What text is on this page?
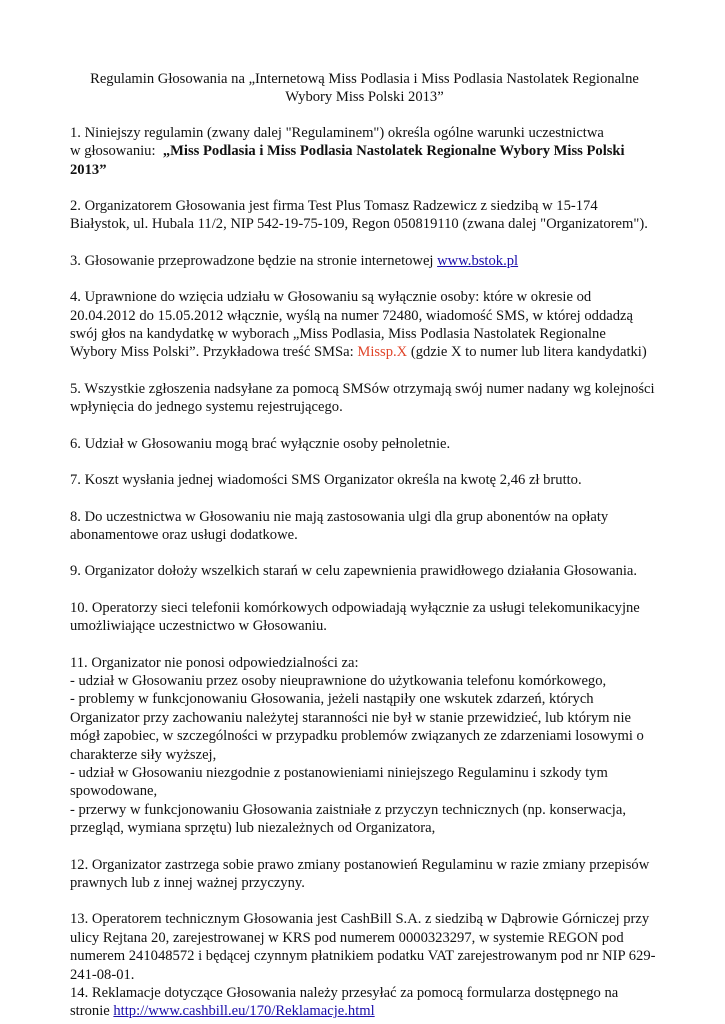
Regulamin Głosowania na „Internetową Miss Podlasia i Miss Podlasia Nastolatek Regionalne
Wybory Miss Polski 2013”

1. Niniejszy regulamin (zwany dalej "Regulaminem") określa ogólne warunki uczestnictwa
w głosowaniu:  „Miss Podlasia i Miss Podlasia Nastolatek Regionalne Wybory Miss Polski
2013”

2. Organizatorem Głosowania jest firma Test Plus Tomasz Radzewicz z siedzibą w 15-174
Białystok, ul. Hubala 11/2, NIP 542-19-75-109, Regon 050819110 (zwana dalej "Organizatorem").

3. Głosowanie przeprowadzone będzie na stronie internetowej www.bstok.pl

4. Uprawnione do wzięcia udziału w Głosowaniu są wyłącznie osoby: które w okresie od
20.04.2012 do 15.05.2012 włącznie, wyślą na numer 72480, wiadomość SMS, w której oddadzą
swój głos na kandydatkę w wyborach „Miss Podlasia, Miss Podlasia Nastolatek Regionalne
Wybory Miss Polski”. Przykładowa treść SMSa: Missp.X (gdzie X to numer lub litera kandydatki)

5. Wszystkie zgłoszenia nadsyłane za pomocą SMSów otrzymają swój numer nadany wg kolejności
wpłynięcia do jednego systemu rejestrującego.

6. Udział w Głosowaniu mogą brać wyłącznie osoby pełnoletnie.

7. Koszt wysłania jednej wiadomości SMS Organizator określa na kwotę 2,46 zł brutto.

8. Do uczestnictwa w Głosowaniu nie mają zastosowania ulgi dla grup abonentów na opłaty
abonamentowe oraz usługi dodatkowe.

9. Organizator dołoży wszelkich starań w celu zapewnienia prawidłowego działania Głosowania.

10. Operatorzy sieci telefonii komórkowych odpowiadają wyłącznie za usługi telekomunikacyjne
umożliwiające uczestnictwo w Głosowaniu.

11. Organizator nie ponosi odpowiedzialności za:
- udział w Głosowaniu przez osoby nieuprawnione do użytkowania telefonu komórkowego,
- problemy w funkcjonowaniu Głosowania, jeżeli nastąpiły one wskutek zdarzeń, których
Organizator przy zachowaniu należytej staranności nie był w stanie przewidzieć, lub którym nie
mógł zapobiec, w szczególności w przypadku problemów związanych ze zdarzeniami losowymi o
charakterze siły wyższej,
- udział w Głosowaniu niezgodnie z postanowieniami niniejszego Regulaminu i szkody tym
spowodowane,
- przerwy w funkcjonowaniu Głosowania zaistniałe z przyczyn technicznych (np. konserwacja,
przegląd, wymiana sprzętu) lub niezależnych od Organizatora,

12. Organizator zastrzega sobie prawo zmiany postanowień Regulaminu w razie zmiany przepisów
prawnych lub z innej ważnej przyczyny.

13. Operatorem technicznym Głosowania jest CashBill S.A. z siedzibą w Dąbrowie Górniczej przy
ulicy Rejtana 20, zarejestrowanej w KRS pod numerem 0000323297, w systemie REGON pod
numerem 241048572 i będącej czynnym płatnikiem podatku VAT zarejestrowanym pod nr NIP 629-
241-08-01.

14. Reklamacje dotyczące Głosowania należy przesyłać za pomocą formularza dostępnego na
stronie http://www.cashbill.eu/170/Reklamacje.html
